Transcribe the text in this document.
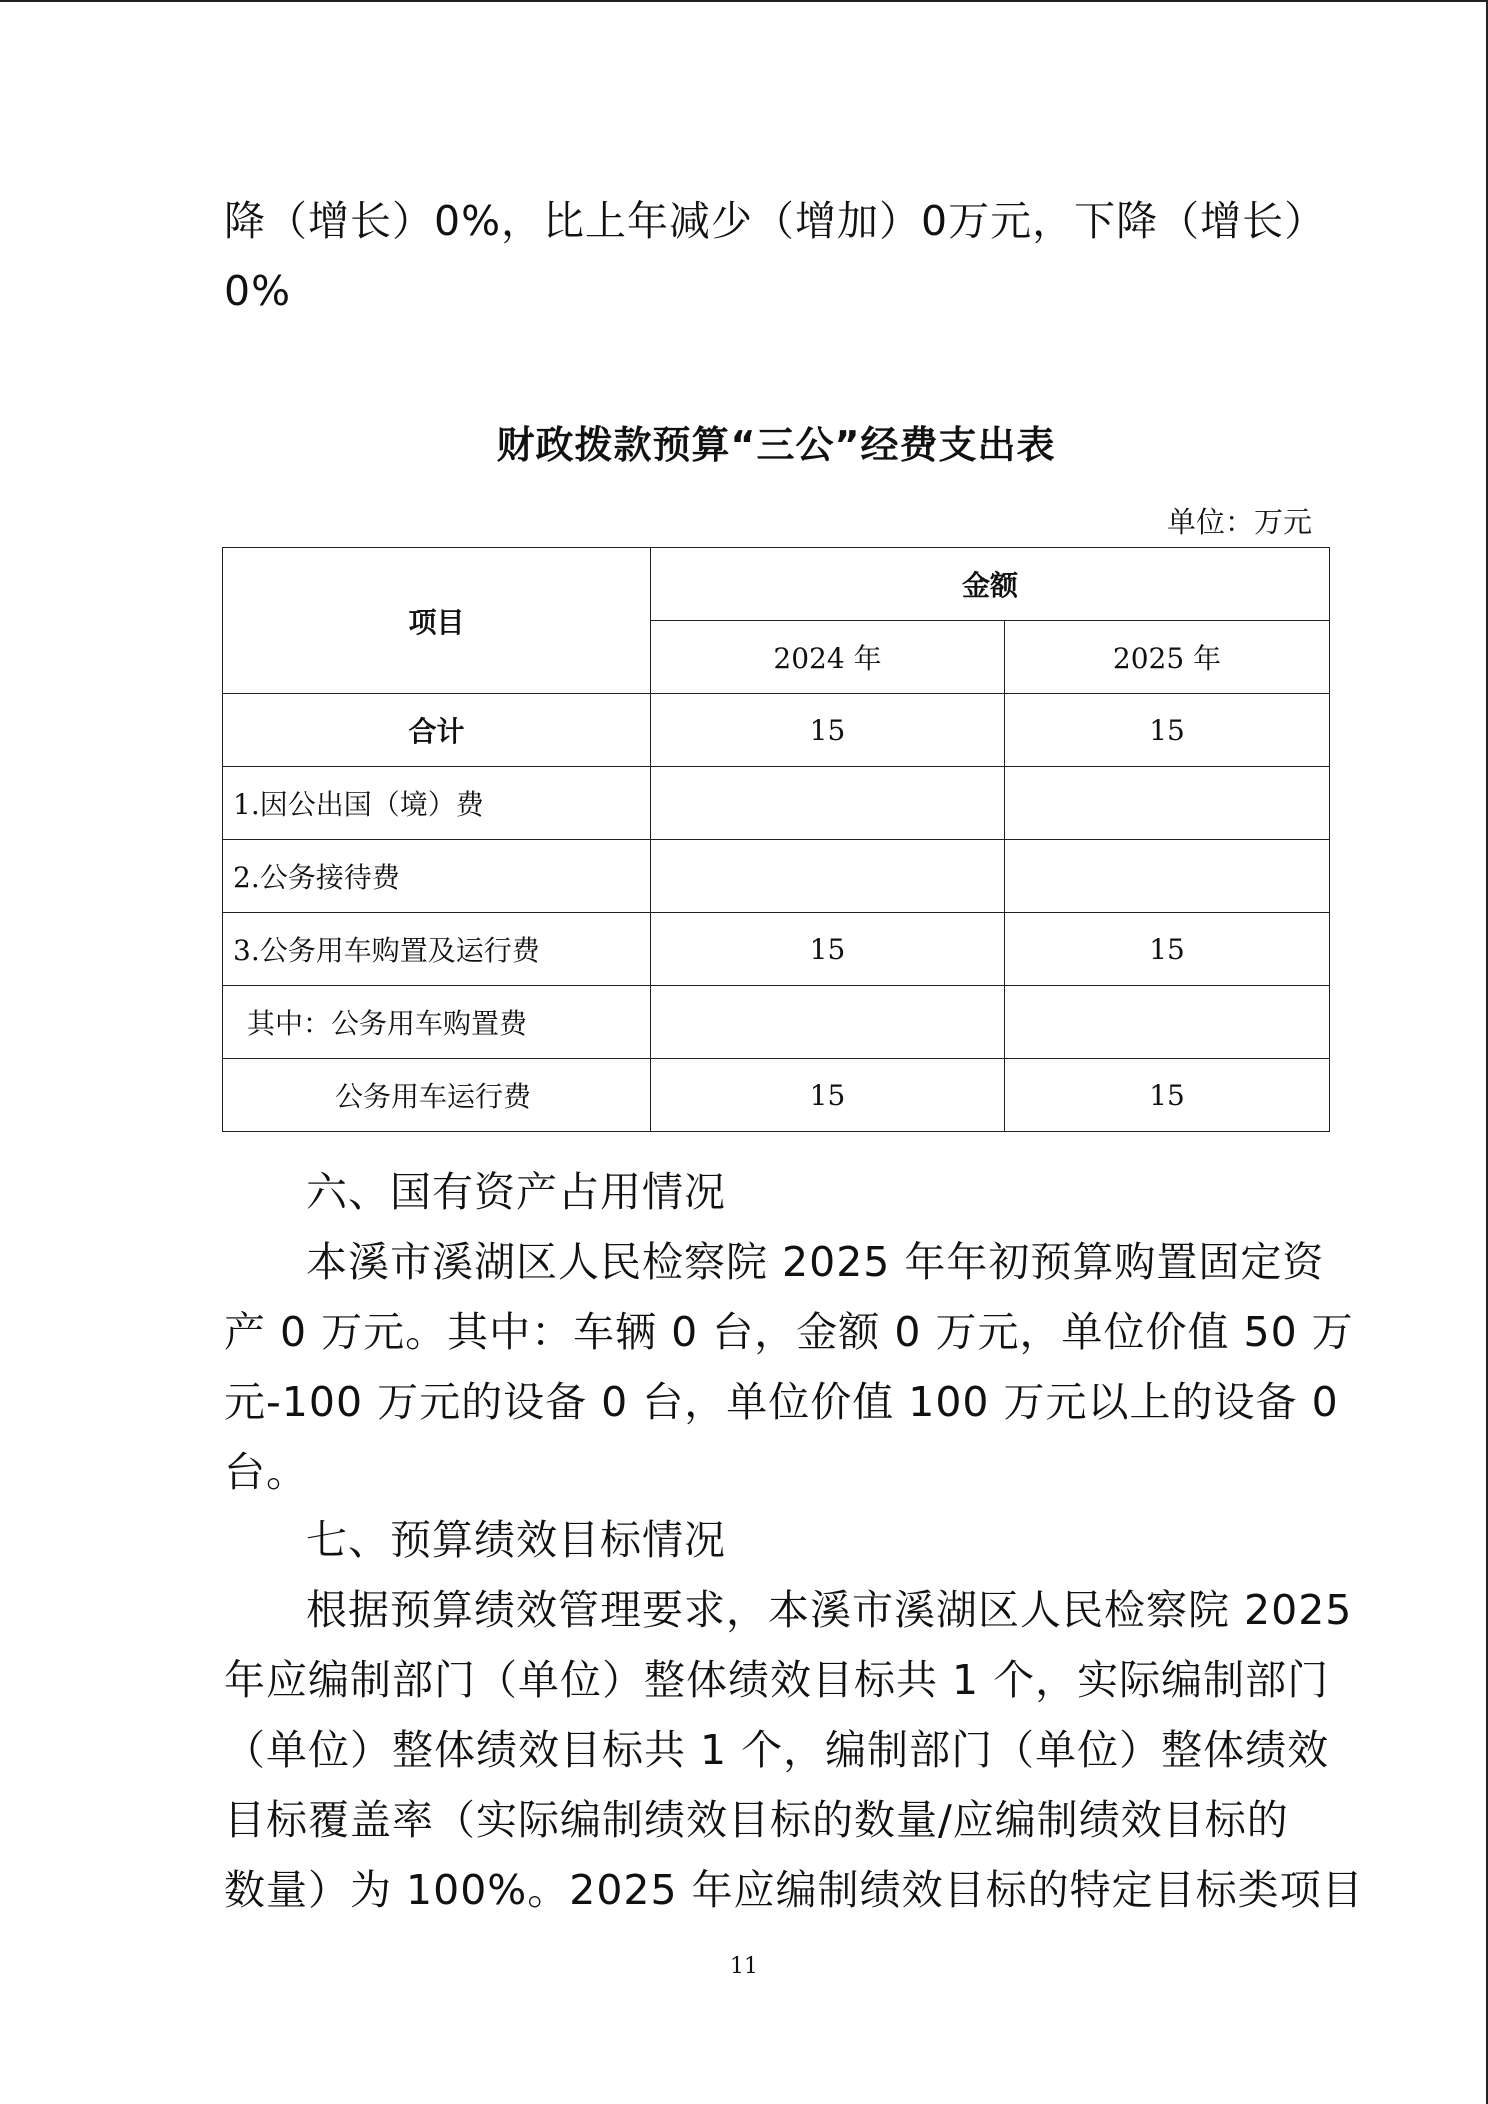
降（增长）0%，比上年减少（增加）0万元，下降（增长）
0%
财政拨款预算“三公”经费支出表
单位：万元
项目	金额	
	2024 年	2025 年
合计	15	15
1.因公出国（境）费		
2.公务接待费		
3.公务用车购置及运行费	15	15
其中：公务用车购置费		
公务用车运行费	15	15
六、国有资产占用情况
本溪市溪湖区人民检察院 2025 年年初预算购置固定资
产 0 万元。其中：车辆 0 台，金额 0 万元，单位价值 50 万
元-100 万元的设备 0 台，单位价值 100 万元以上的设备 0
台。
七、预算绩效目标情况
根据预算绩效管理要求，本溪市溪湖区人民检察院 2025
年应编制部门（单位）整体绩效目标共 1 个，实际编制部门
（单位）整体绩效目标共 1 个，编制部门（单位）整体绩效
目标覆盖率（实际编制绩效目标的数量/应编制绩效目标的
数量）为 100%。2025 年应编制绩效目标的特定目标类项目
11
